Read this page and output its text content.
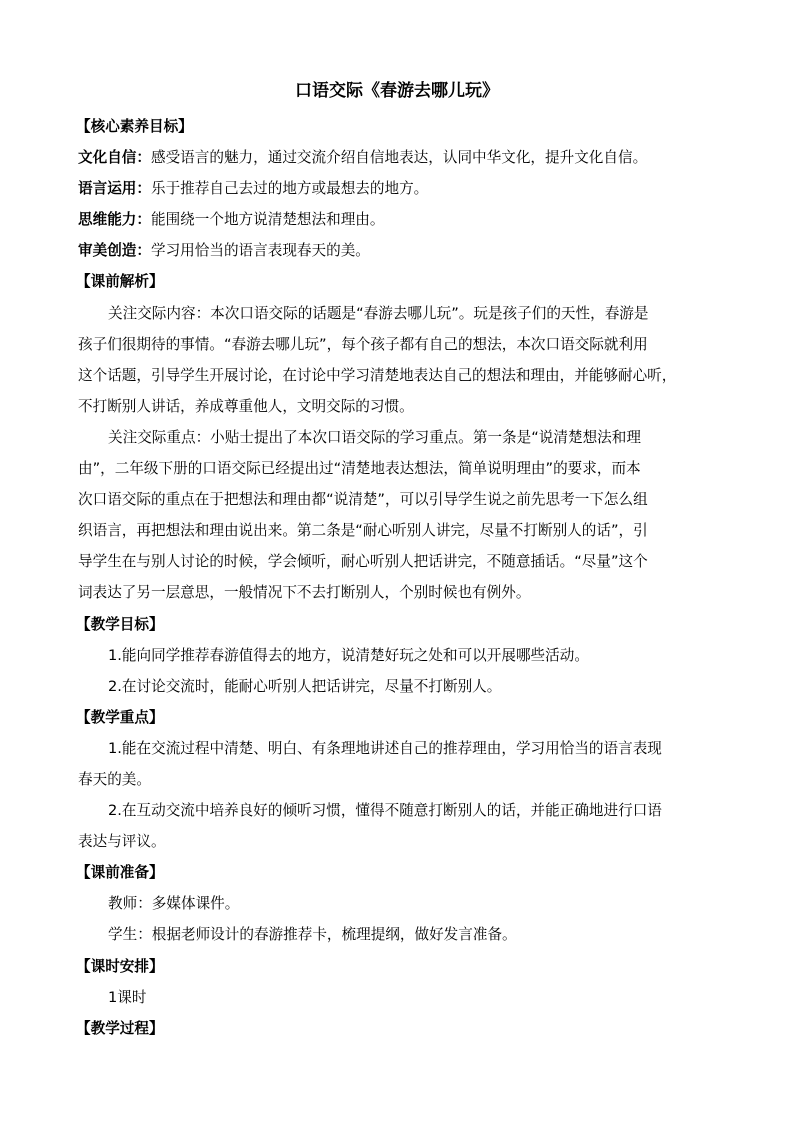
口语交际《春游去哪儿玩》
【核心素养目标】
文化自信：感受语言的魅力，通过交流介绍自信地表达，认同中华文化，提升文化自信。
语言运用：乐于推荐自己去过的地方或最想去的地方。
思维能力：能围绕一个地方说清楚想法和理由。
审美创造：学习用恰当的语言表现春天的美。
【课前解析】
关注交际内容：本次口语交际的话题是“春游去哪儿玩”。玩是孩子们的天性，春游是
孩子们很期待的事情。“春游去哪儿玩”，每个孩子都有自己的想法，本次口语交际就利用
这个话题，引导学生开展讨论，在讨论中学习清楚地表达自己的想法和理由，并能够耐心听，
不打断别人讲话，养成尊重他人，文明交际的习惯。
关注交际重点：小贴士提出了本次口语交际的学习重点。第一条是“说清楚想法和理
由”，二年级下册的口语交际已经提出过“清楚地表达想法，简单说明理由”的要求，而本
次口语交际的重点在于把想法和理由都“说清楚”，可以引导学生说之前先思考一下怎么组
织语言，再把想法和理由说出来。第二条是“耐心听别人讲完，尽量不打断别人的话”，引
导学生在与别人讨论的时候，学会倾听，耐心听别人把话讲完，不随意插话。“尽量”这个
词表达了另一层意思，一般情况下不去打断别人，个别时候也有例外。
【教学目标】
1.能向同学推荐春游值得去的地方，说清楚好玩之处和可以开展哪些活动。
2.在讨论交流时，能耐心听别人把话讲完，尽量不打断别人。
【教学重点】
1.能在交流过程中清楚、明白、有条理地讲述自己的推荐理由，学习用恰当的语言表现
春天的美。
2.在互动交流中培养良好的倾听习惯，懂得不随意打断别人的话，并能正确地进行口语
表达与评议。
【课前准备】
教师：多媒体课件。
学生：根据老师设计的春游推荐卡，梳理提纲，做好发言准备。
【课时安排】
1课时
【教学过程】
